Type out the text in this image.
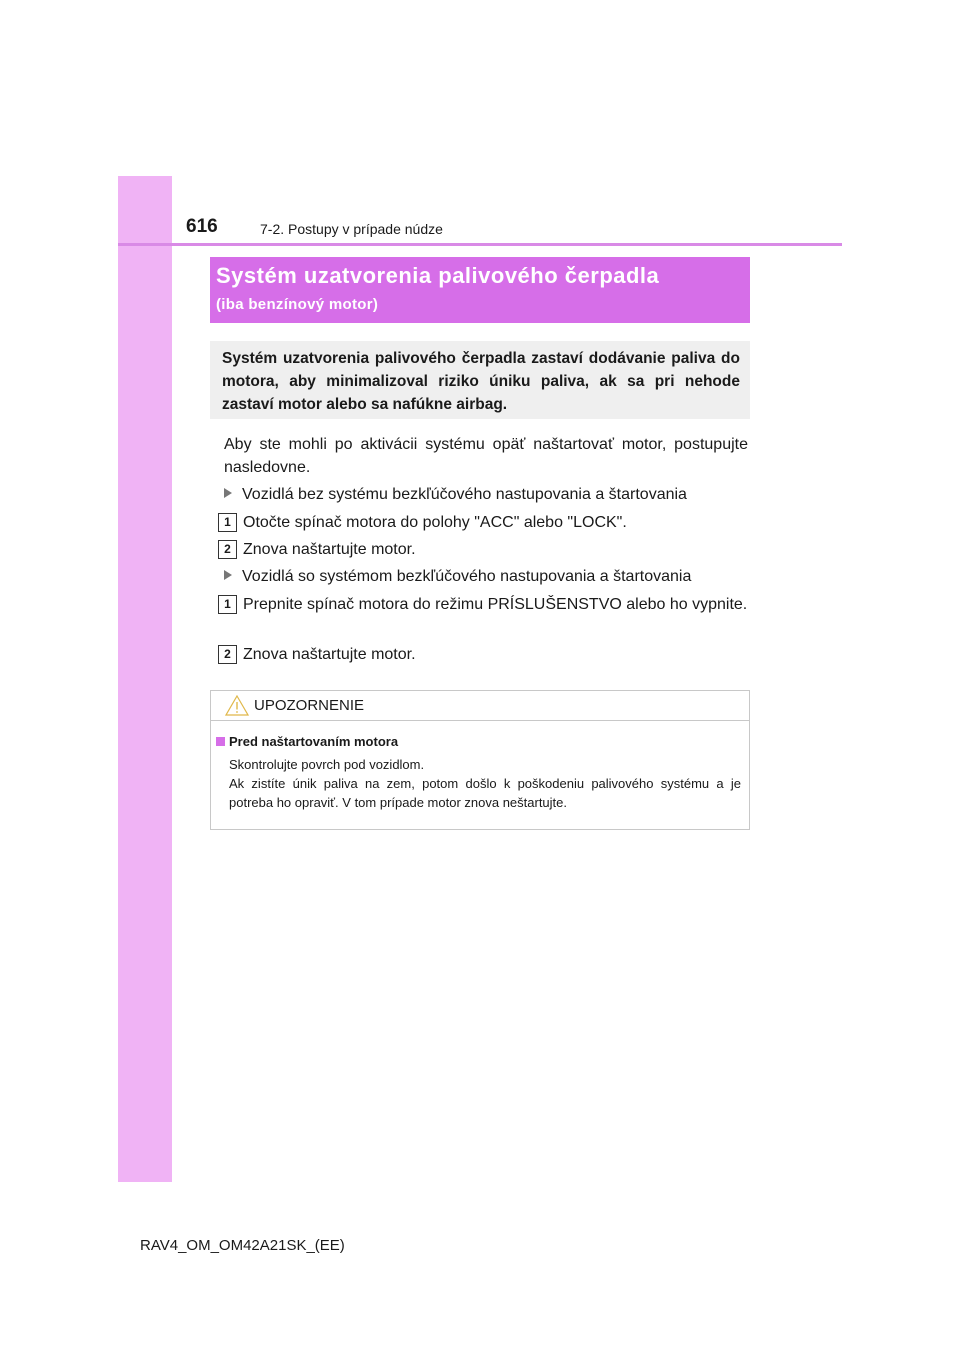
616	7-2. Postupy v prípade núdze
Systém uzatvorenia palivového čerpadla
(iba benzínový motor)
Systém uzatvorenia palivového čerpadla zastaví dodávanie paliva do motora, aby minimalizoval riziko úniku paliva, ak sa pri nehode zastaví motor alebo sa nafúkne airbag.
Aby ste mohli po aktivácii systému opäť naštartovať motor, postupujte nasledovne.
Vozidlá bez systému bezkľúčového nastupovania a štartovania
1 Otočte spínač motora do polohy "ACC" alebo "LOCK".
2 Znova naštartujte motor.
Vozidlá so systémom bezkľúčového nastupovania a štartovania
1 Prepnite spínač motora do režimu PRÍSLUŠENSTVO alebo ho vypnite.
2 Znova naštartujte motor.
UPOZORNENIE
Pred naštartovaním motora
Skontrolujte povrch pod vozidlom.
Ak zistíte únik paliva na zem, potom došlo k poškodeniu palivového systému a je potreba ho opraviť. V tom prípade motor znova neštartujte.
RAV4_OM_OM42A21SK_(EE)
